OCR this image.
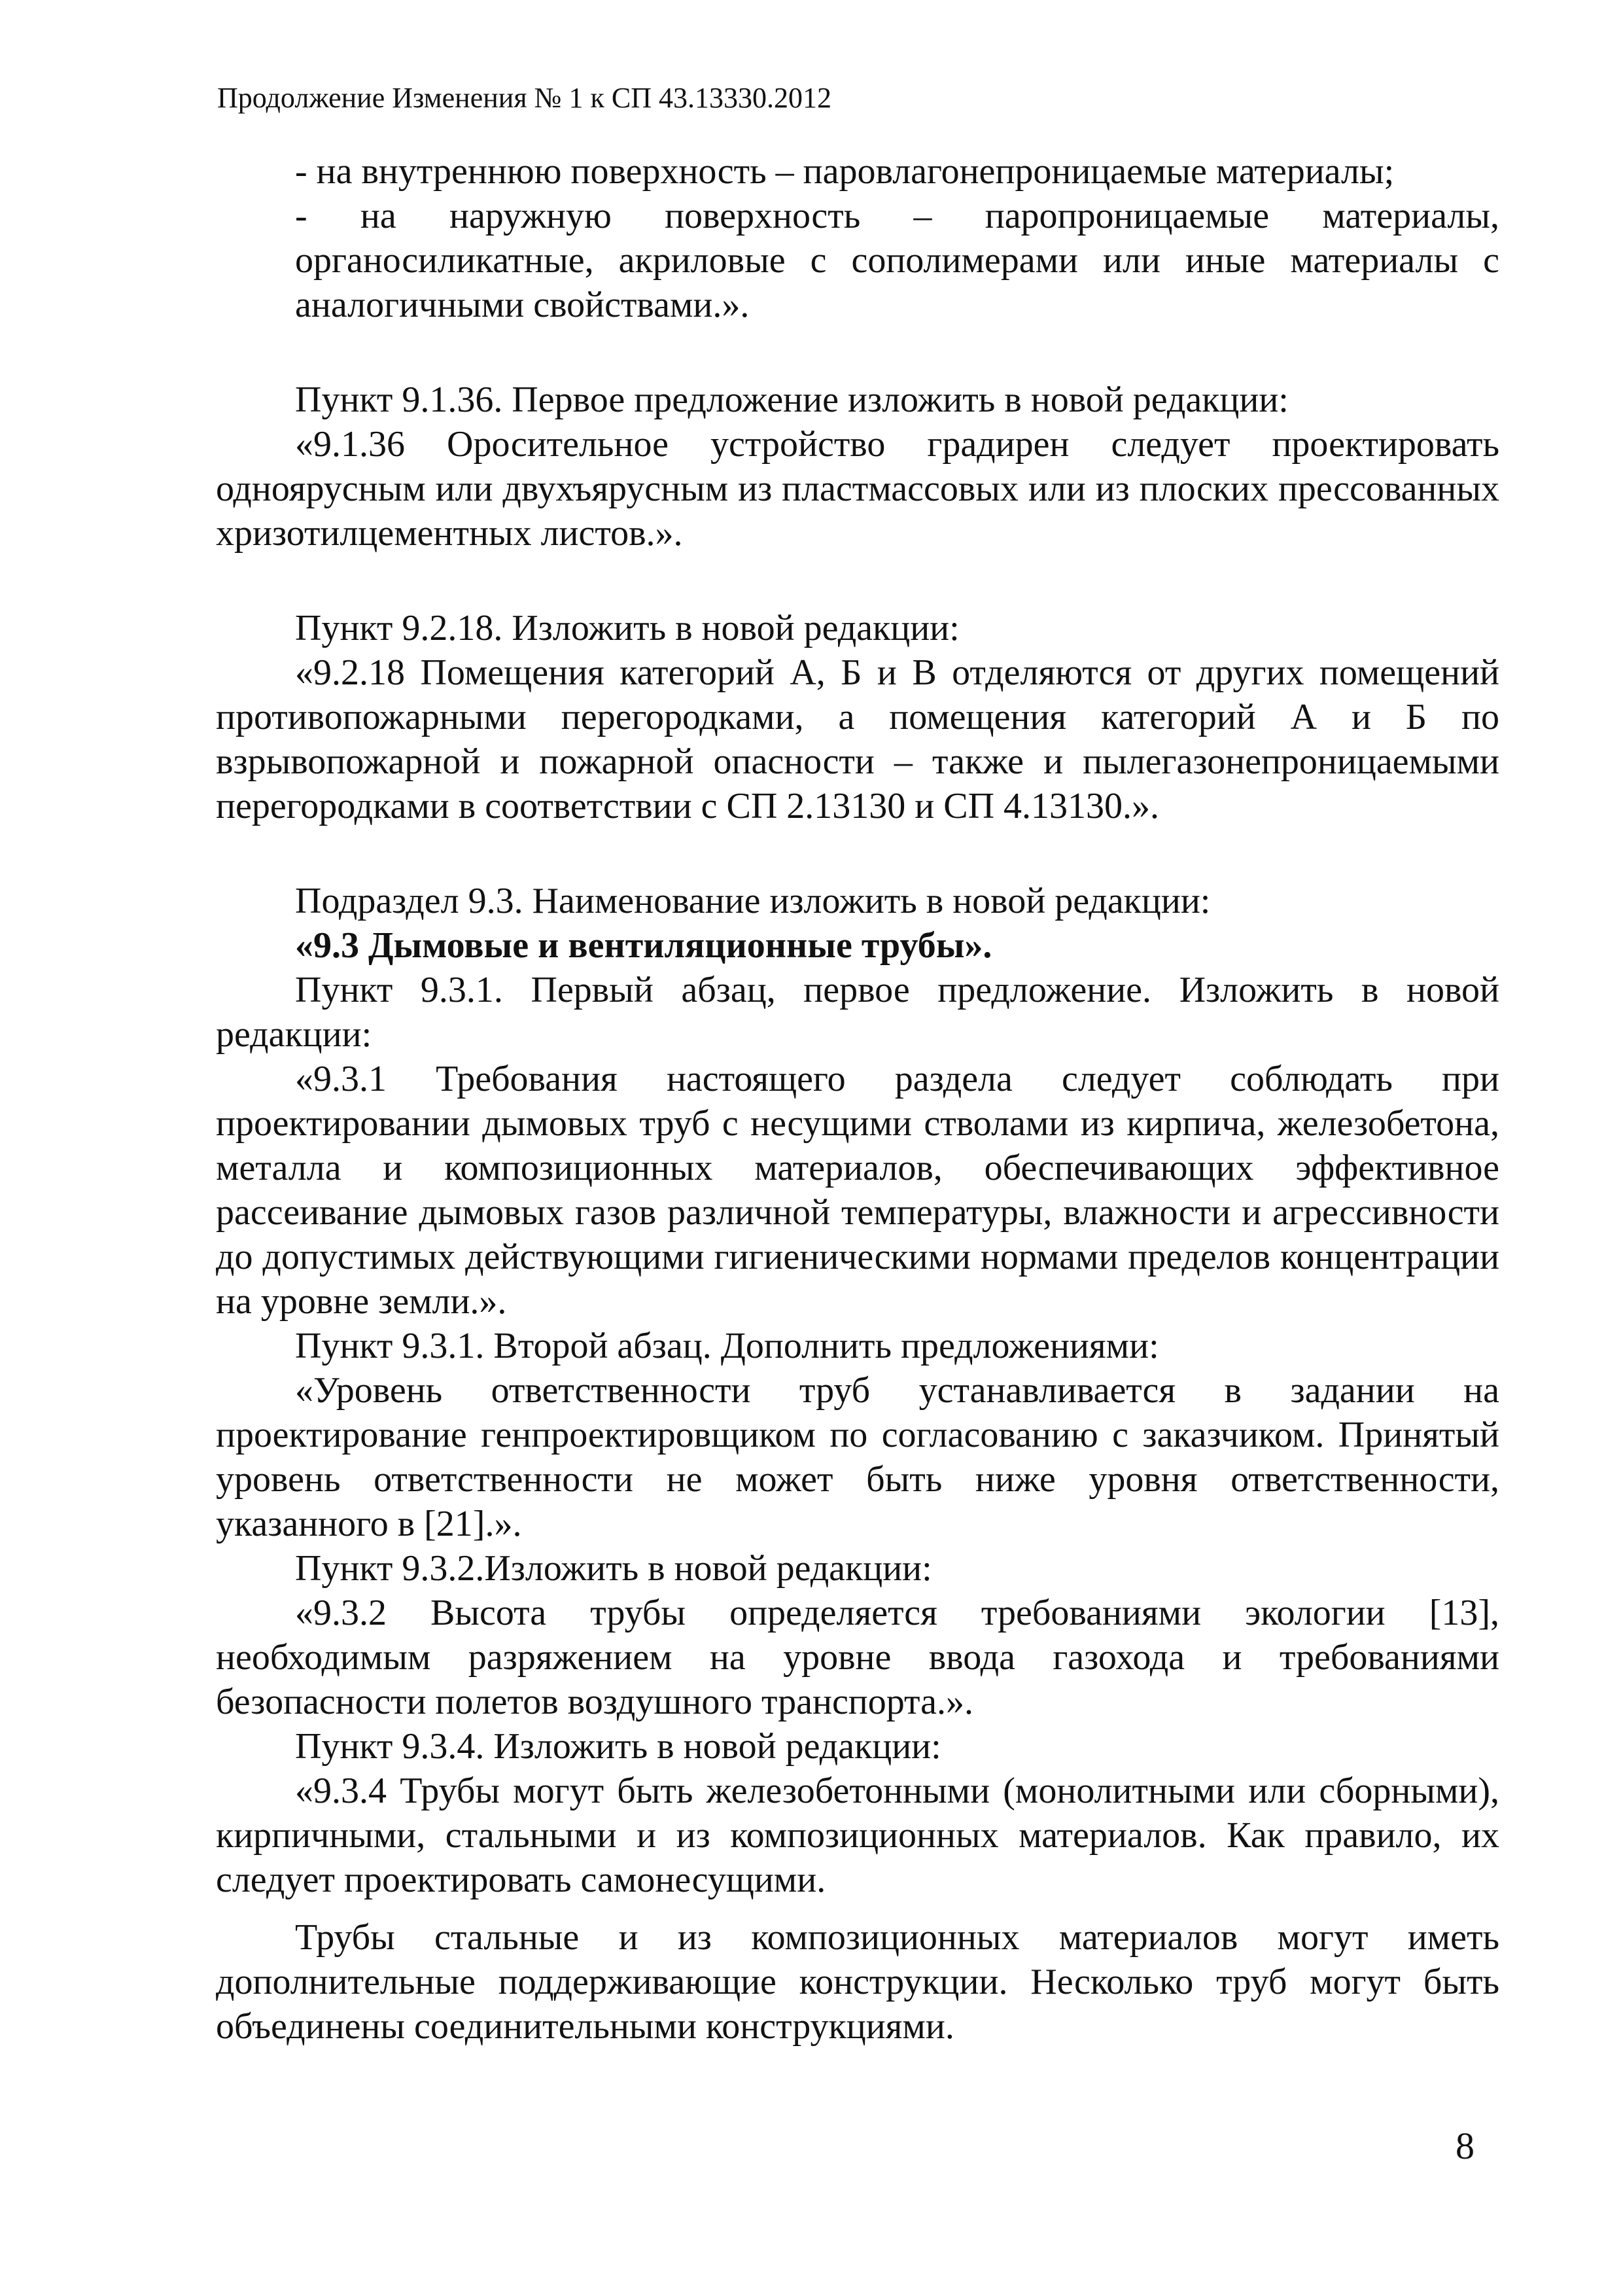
Продолжение Изменения № 1 к СП 43.13330.2012

- на внутреннюю поверхность – паровлагонепроницаемые материалы;

- на наружную поверхность – паропроницаемые материалы, органосиликатные, акриловые с сополимерами или иные материалы с аналогичными свойствами.».

Пункт 9.1.36. Первое предложение изложить в новой редакции:

«9.1.36 Оросительное устройство градирен следует проектировать одноярусным или двухъярусным из пластмассовых или из плоских прессованных хризотилцементных листов.».

Пункт 9.2.18. Изложить в новой редакции:

«9.2.18 Помещения категорий А, Б и В отделяются от других помещений противопожарными перегородками, а помещения категорий А и Б по взрывопожарной и пожарной опасности – также и пылегазонепроницаемыми перегородками в соответствии с СП 2.13130 и СП 4.13130.».

Подраздел 9.3. Наименование изложить в новой редакции:

«9.3 Дымовые и вентиляционные трубы».

Пункт 9.3.1. Первый абзац, первое предложение. Изложить в новой редакции:

«9.3.1 Требования настоящего раздела следует соблюдать при проектировании дымовых труб с несущими стволами из кирпича, железобетона, металла и композиционных материалов, обеспечивающих эффективное рассеивание дымовых газов различной температуры, влажности и агрессивности до допустимых действующими гигиеническими нормами пределов концентрации на уровне земли.».

Пункт 9.3.1. Второй абзац. Дополнить предложениями:

«Уровень ответственности труб устанавливается в задании на проектирование генпроектировщиком по согласованию с заказчиком. Принятый уровень ответственности не может быть ниже уровня ответственности, указанного в [21].».

Пункт 9.3.2.Изложить в новой редакции:

«9.3.2 Высота трубы определяется требованиями экологии [13], необходимым разряжением на уровне ввода газохода и требованиями безопасности полетов воздушного транспорта.».

Пункт 9.3.4. Изложить в новой редакции:

«9.3.4 Трубы могут быть железобетонными (монолитными или сборными), кирпичными, стальными и из композиционных материалов. Как правило, их следует проектировать самонесущими.

Трубы стальные и из композиционных материалов могут иметь дополнительные поддерживающие конструкции. Несколько труб могут быть объединены соединительными конструкциями.

8
